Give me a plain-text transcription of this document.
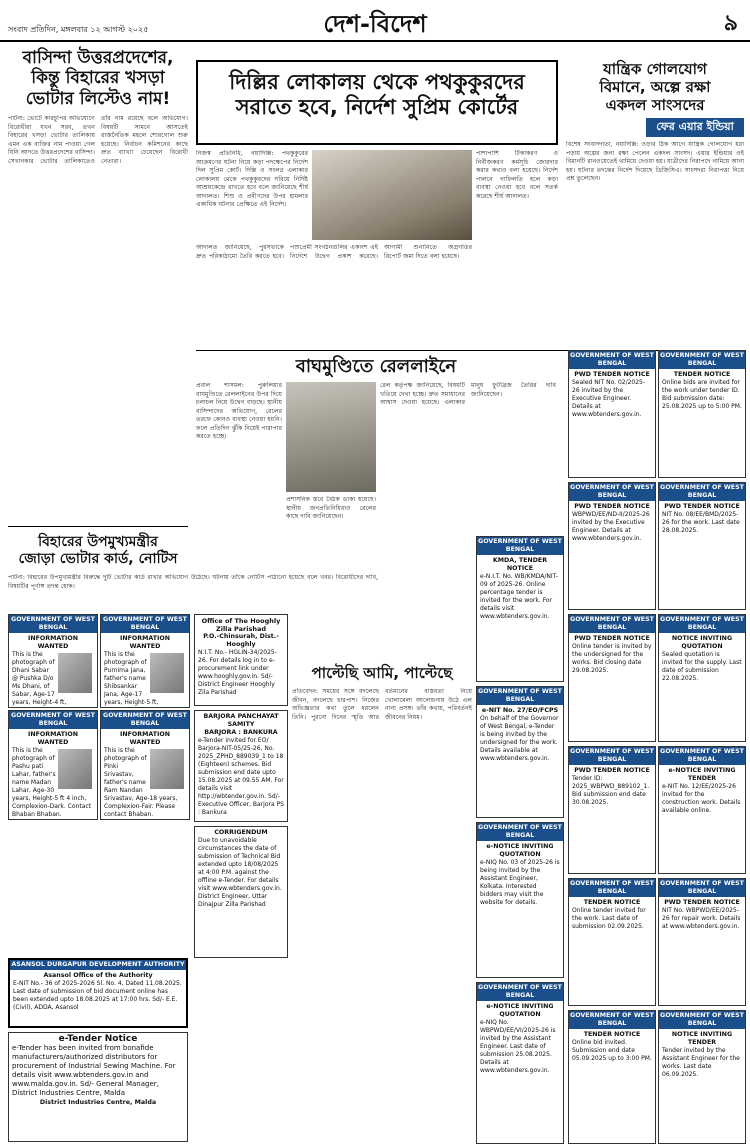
দেশ-বিদেশ
সংবাদ প্রতিদিন, মঙ্গলবার ১২ আগস্ট ২০২৫	৯
বাসিন্দা উত্তরপ্রদেশের,
কিন্তু বিহারের খসড়া
ভোটার লিস্টেও নাম!
পাটনা: ভোটে কারচুপির অভিযোগে বিরোধীরা যখন সরব, তখন বিহারের খসড়া ভোটার তালিকায় এমন এক ব্যক্তির নাম পাওয়া গেল যিনি আদতে উত্তরপ্রদেশের বাসিন্দা। সেখানকার ভোটার তালিকাতেও তাঁর নাম রয়েছে বলে অভিযোগ। বিষয়টি সামনে আসতেই রাজনৈতিক মহলে শোরগোল শুরু হয়েছে। নির্বাচন কমিশনের কাছে দ্রুত ব্যাখ্যা চেয়েছেন বিরোধী নেতারা।
বিহারের উপমুখ্যমন্ত্রীর
জোড়া ভোটার কার্ড, নোটিস
পাটনা: বিহারের উপমুখ্যমন্ত্রীর বিরুদ্ধে দুটি ভোটার কার্ড রাখার অভিযোগ উঠেছে। ঘটনায় তাঁকে নোটিস পাঠানো হয়েছে বলে খবর। বিরোধীদের দাবি, বিষয়টির পূর্ণাঙ্গ তদন্ত হোক।
GOVERNMENT OF WEST BENGAL
INFORMATION WANTED
This is the photograph of Dhani Sabar @ Pushka D/o Ms Dhani, of Sabar, Age-17 years, Height-4 ft,
GOVERNMENT OF WEST BENGAL
INFORMATION WANTED
This is the photograph of Purnima Jana, father's name Shibsankar Jana, Age-17 years, Height-5 ft,
GOVERNMENT OF WEST BENGAL
INFORMATION WANTED
This is the photograph of Pashu pati Lahar, father's name Madan Lahar, Age-30 years, Height-5 ft 4 inch, Complexion-Dark. Contact Bhaban Bhaban.
GOVERNMENT OF WEST BENGAL
INFORMATION WANTED
This is the photograph of Pinki Srivastav, father's name Ram Nandan Srivastav, Age-18 years, Complexion-Fair. Please contact Bhaban.
Office of The Hooghly Zilla Parishad
P.O.-Chinsurah, Dist.-Hooghly
N.I.T. No.- HGLIN-34/2025-26. For details log in to e-procurement link under www.hooghly.gov.in. Sd/- District Engineer Hooghly Zila Parishad
BARJORA PANCHAYAT SAMITY
BARJORA : BANKURA
e-Tender invited for EO/ Barjora-NIT-05/25-26, No. 2025_ZPHD_889039_1 to 18 (Eighteen) schemes. Bid submission end date upto 15.08.2025 at 09.55 AM. For details visit http://wbtender.gov.in. Sd/- Executive Officer, Barjora PS : Bankura
CORRIGENDUM
Due to unavoidable circumstances the date of submission of Technical Bid extended upto 18/08/2025 at 4:00 P.M. against the offline e-Tender. For details visit www.wbtenders.gov.in. District Engineer, Uttar Dinajpur Zilla Parishad
ASANSOL DURGAPUR DEVELOPMENT AUTHORITY
Asansol Office of the Authority
E-NIT No.- 36 of 2025-2026 Sl. No. 4, Dated 11.08.2025. Last date of submission of bid document online has been extended upto 18.08.2025 at 17:00 hrs. Sd/- E.E.(Civil), ADDA, Asansol
e-Tender Notice
e-Tender has been invited from bonafide manufacturers/authorized distributors for procurement of Industrial Sewing Machine. For details visit www.wbtenders.gov.in and www.malda.gov.in. Sd/- General Manager, District Industries Centre, Malda
District Industries Centre, Malda
দিল্লির লোকালয় থেকে পথকুকুরদের
সরাতে হবে, নির্দেশ সুপ্রিম কোর্টের
নিজস্ব প্রতিনিধি, নয়াদিল্লি: পথকুকুরের আক্রমণের ঘটনা নিয়ে কড়া পদক্ষেপের নির্দেশ দিল সুপ্রিম কোর্ট। দিল্লি ও সংলগ্ন এলাকার লোকালয় থেকে পথকুকুরদের সরিয়ে নির্দিষ্ট আশ্রয়কেন্দ্রে রাখতে হবে বলে জানিয়েছে শীর্ষ আদালত। শিশু ও প্রবীণদের উপর হামলার একাধিক ঘটনার প্রেক্ষিতে এই নির্দেশ।
পাশাপাশি টিকাকরণ ও নির্বীজকরণ কর্মসূচি জোরদার করার কথাও বলা হয়েছে। নির্দেশ পালনে গাফিলতি হলে কড়া ব্যবস্থা নেওয়া হবে বলে সতর্ক করেছে শীর্ষ আদালত।
আদালত জানিয়েছে, পুরসভাকে দ্রুত পরিকাঠামো তৈরি করতে হবে। পশুপ্রেমী সংগঠনগুলির একাংশ এই নির্দেশে উদ্বেগ প্রকাশ করেছে। আগামী শুনানিতে অগ্রগতির রিপোর্ট জমা দিতে বলা হয়েছে।
যান্ত্রিক গোলযোগ
বিমানে, অল্পে রক্ষা
একদল সাংসদের
ফের এয়ার ইন্ডিয়া
বিশেষ সংবাদদাতা, নয়াদিল্লি: ওড়ার ঠিক আগে যান্ত্রিক গোলযোগ ধরা পড়ায় অল্পের জন্য রক্ষা পেলেন একদল সাংসদ। এয়ার ইন্ডিয়ার ওই বিমানটি রানওয়েতেই থামিয়ে দেওয়া হয়। যাত্রীদের নিরাপদে নামিয়ে আনা হয়। ঘটনার তদন্তের নির্দেশ দিয়েছে ডিজিসিএ। সাংসদরা নিরাপত্তা নিয়ে প্রশ্ন তুলেছেন।
বাঘমুণ্ডিতে রেললাইনে
প্রবাল শাসমল: পুরুলিয়ার বাঘমুণ্ডিতে রেললাইনের উপর দিয়ে চলাচল নিয়ে উদ্বেগ বাড়ছে। স্থানীয় বাসিন্দাদের অভিযোগ, রেলের তরফে কোনও ব্যবস্থা নেওয়া হয়নি। ফলে প্রতিদিন ঝুঁকি নিয়েই পারাপার করতে হচ্ছে।
প্রশাসনিক স্তরে বৈঠক ডাকা হয়েছে। স্থানীয় জনপ্রতিনিধিরাও রেলের কাছে দাবি জানিয়েছেন।
রেল কর্তৃপক্ষ জানিয়েছে, বিষয়টি খতিয়ে দেখা হচ্ছে। দ্রুত সমাধানের আশ্বাস দেওয়া হয়েছে। এলাকার মানুষ ফুটব্রিজ তৈরির দাবি জানিয়েছেন।
পাল্টেছি আমি, পাল্টেছে
প্রতিবেদন: সময়ের সঙ্গে বদলেছে জীবন, বদলেছে চারপাশ। নিজের অভিজ্ঞতার কথা তুলে ধরলেন তিনি। পুরনো দিনের স্মৃতি আর বর্তমানের বাস্তবতা নিয়ে খোলামেলা আলোচনায় উঠে এল নানা প্রসঙ্গ। তাঁর কথায়, পরিবর্তনই জীবনের নিয়ম।
GOVERNMENT OF WEST BENGAL
KMDA, TENDER NOTICE
e-N.I.T. No. WB/KMDA/NIT-09 of 2025-26. Online percentage tender is invited for the work. For details visit www.wbtenders.gov.in.
GOVERNMENT OF WEST BENGAL
e-NIT No. 27/EO/FCPS
On behalf of the Governor of West Bengal, e-Tender is being invited by the undersigned for the work. Details available at www.wbtenders.gov.in.
GOVERNMENT OF WEST BENGAL
e-NOTICE INVITING QUOTATION
e-NIQ No. 03 of 2025-26 is being invited by the Assistant Engineer, Kolkata. Interested bidders may visit the website for details.
GOVERNMENT OF WEST BENGAL
e-NOTICE INVITING QUOTATION
e-NIQ No. WBPWD/EE/VI/2025-26 is invited by the Assistant Engineer. Last date of submission 25.08.2025. Details at www.wbtenders.gov.in.
GOVERNMENT OF WEST BENGAL
PWD TENDER NOTICE
Sealed NIT No. 02/2025-26 invited by the Executive Engineer. Details at www.wbtenders.gov.in.
GOVERNMENT OF WEST BENGAL
TENDER NOTICE
Online bids are invited for the work under tender ID. Bid submission date: 25.08.2025 up to 5:00 PM.
GOVERNMENT OF WEST BENGAL
PWD TENDER NOTICE
WBPWD/EE/ND-II/2025-26 invited by the Executive Engineer. Details at www.wbtenders.gov.in.
GOVERNMENT OF WEST BENGAL
PWD TENDER NOTICE
NIT No. 08/EE/BMD/2025-26 for the work. Last date 28.08.2025.
GOVERNMENT OF WEST BENGAL
PWD TENDER NOTICE
Online tender is invited by the undersigned for the works. Bid closing date 29.08.2025.
GOVERNMENT OF WEST BENGAL
NOTICE INVITING QUOTATION
Sealed quotation is invited for the supply. Last date of submission 22.08.2025.
GOVERNMENT OF WEST BENGAL
PWD TENDER NOTICE
Tender ID: 2025_WBPWD_889102_1. Bid submission end date 30.08.2025.
GOVERNMENT OF WEST BENGAL
e-NOTICE INVITING TENDER
e-NIT No. 12/EE/2025-26 invited for the construction work. Details available online.
GOVERNMENT OF WEST BENGAL
TENDER NOTICE
Online tender invited for the work. Last date of submission 02.09.2025.
GOVERNMENT OF WEST BENGAL
PWD TENDER NOTICE
NIT No. WBPWD/EE/2025-26 for repair work. Details at www.wbtenders.gov.in.
GOVERNMENT OF WEST BENGAL
TENDER NOTICE
Online bid invited. Submission end date 05.09.2025 up to 3:00 PM.
GOVERNMENT OF WEST BENGAL
NOTICE INVITING TENDER
Tender invited by the Assistant Engineer for the works. Last date 06.09.2025.
